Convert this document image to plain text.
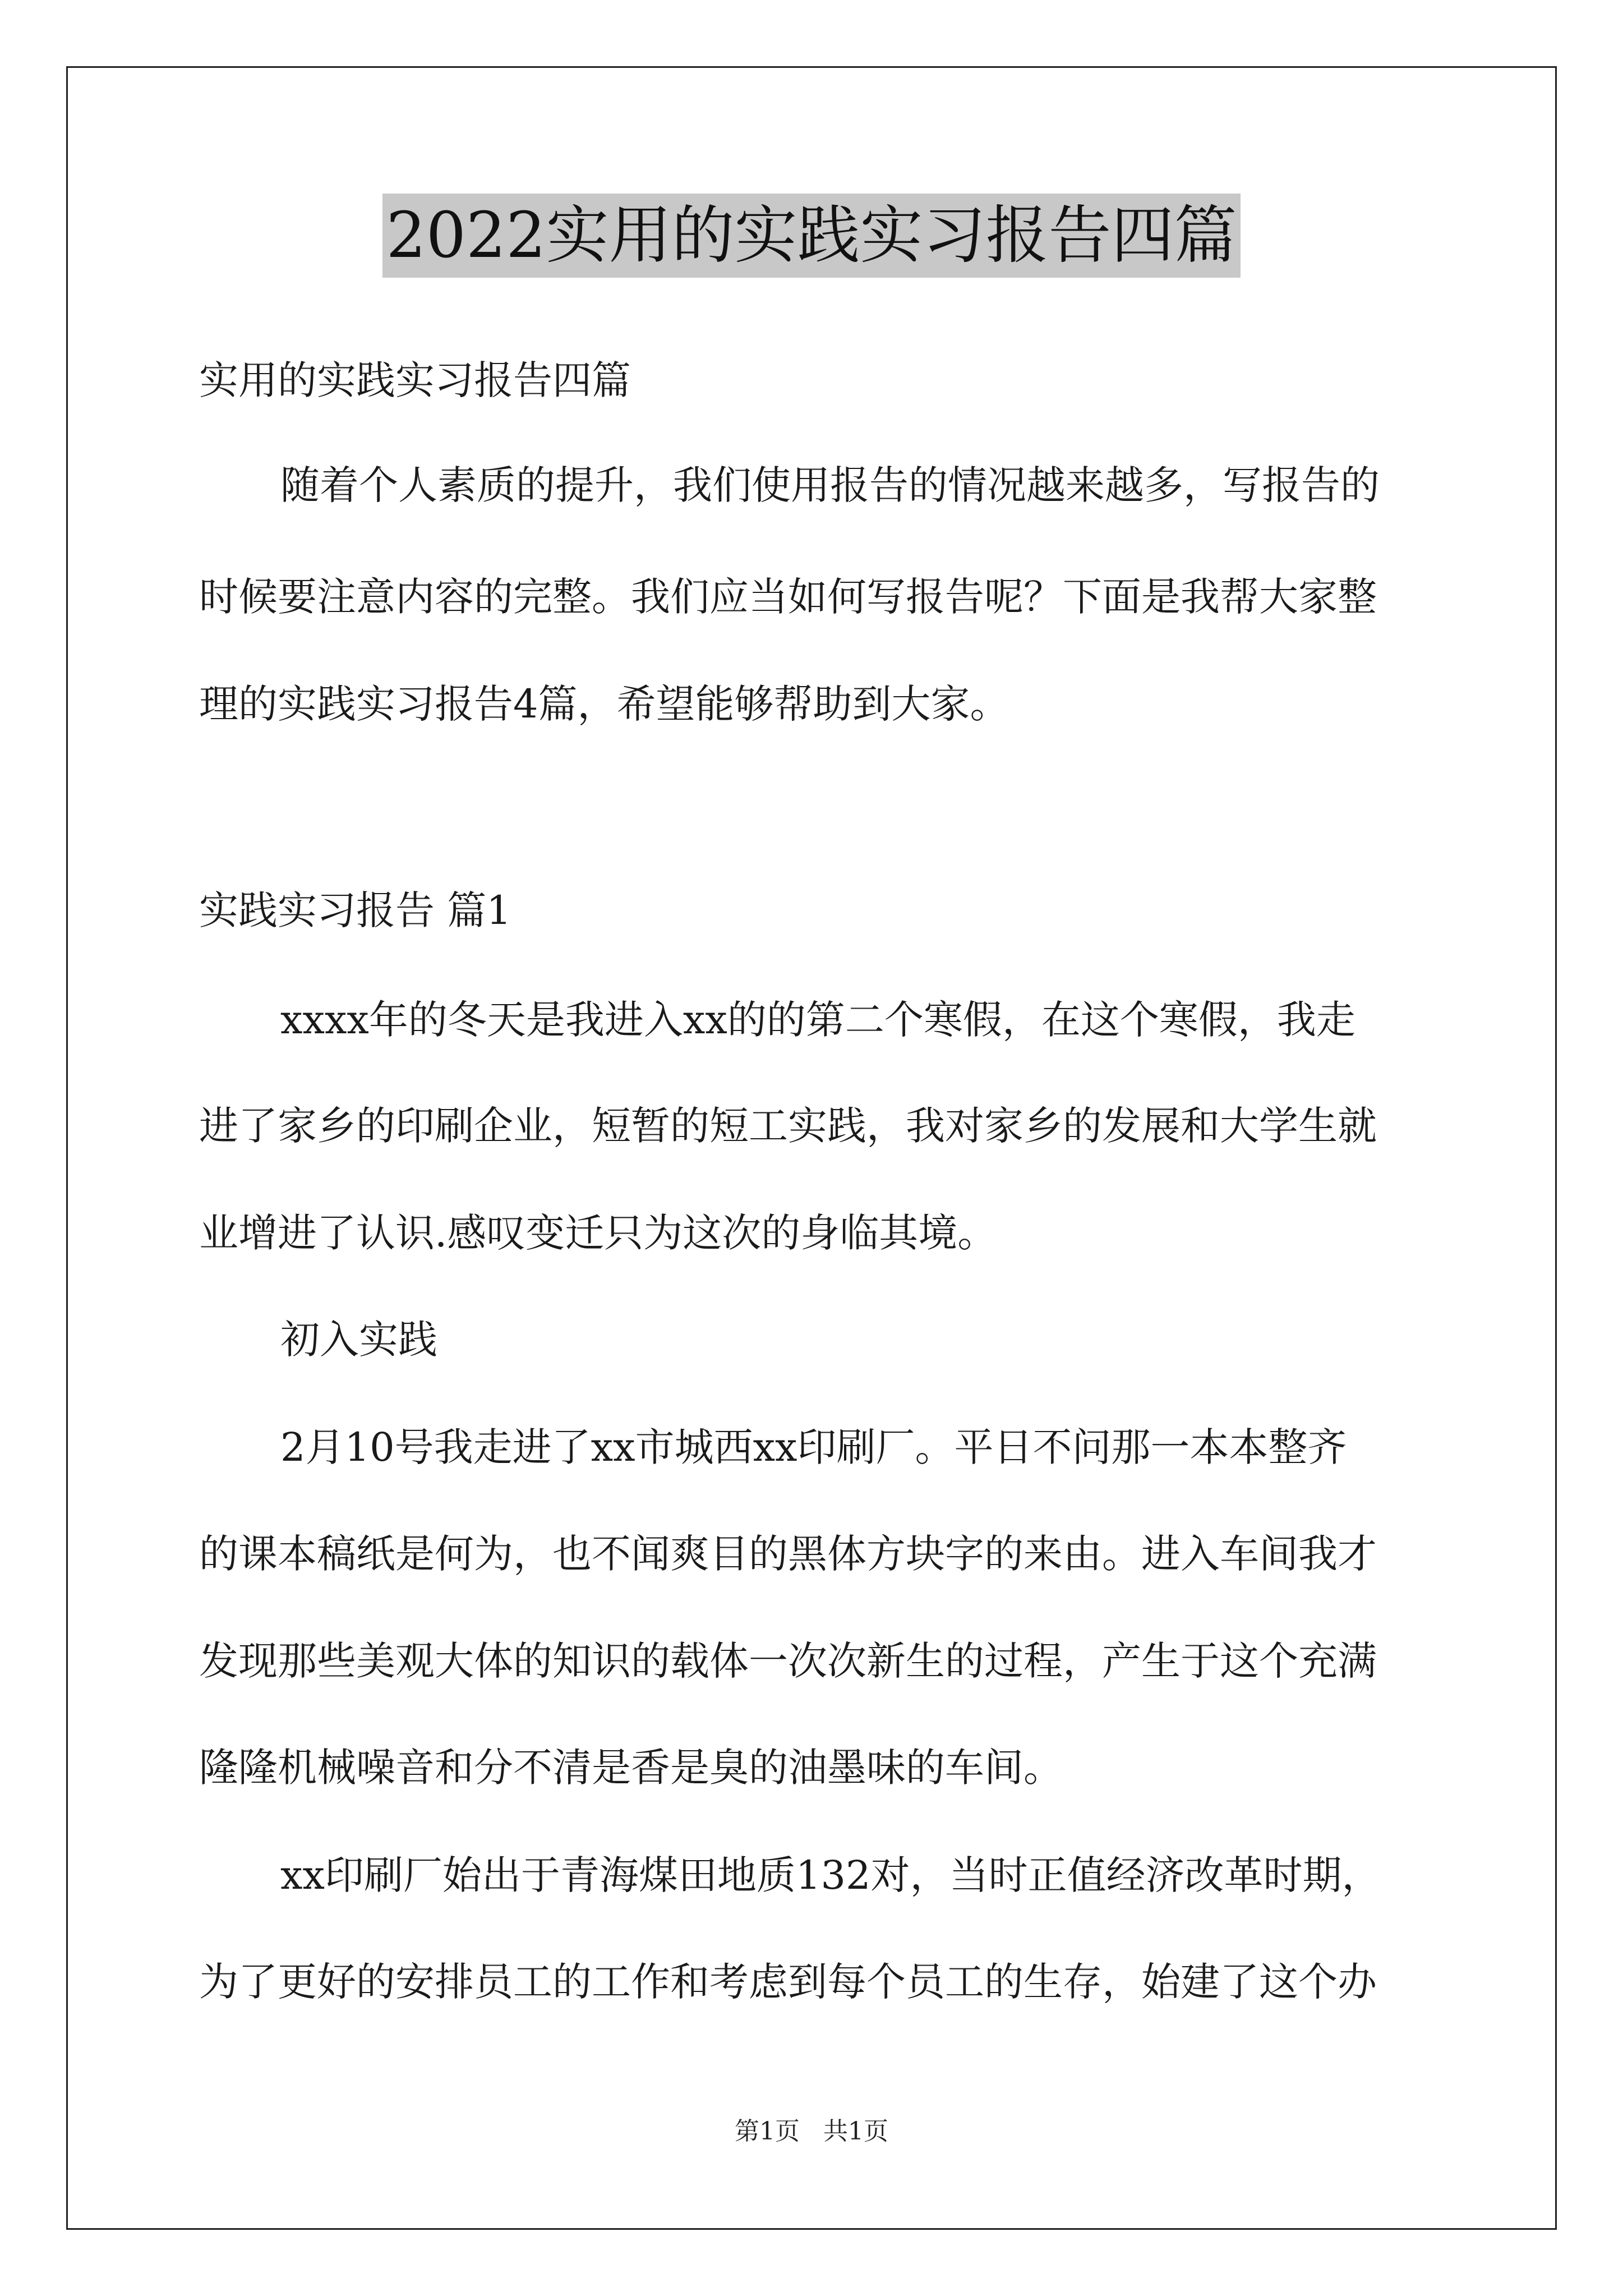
2022实用的实践实习报告四篇
实用的实践实习报告四篇
随着个人素质的提升，我们使用报告的情况越来越多，写报告的
时候要注意内容的完整。我们应当如何写报告呢？下面是我帮大家整
理的实践实习报告4篇，希望能够帮助到大家。
实践实习报告 篇1
xxxx年的冬天是我进入xx的的第二个寒假，在这个寒假，我走
进了家乡的印刷企业，短暂的短工实践，我对家乡的发展和大学生就
业增进了认识.感叹变迁只为这次的身临其境。
初入实践
2月10号我走进了xx市城西xx印刷厂。平日不问那一本本整齐
的课本稿纸是何为，也不闻爽目的黑体方块字的来由。进入车间我才
发现那些美观大体的知识的载体一次次新生的过程，产生于这个充满
隆隆机械噪音和分不清是香是臭的油墨味的车间。
xx印刷厂始出于青海煤田地质132对，当时正值经济改革时期，
为了更好的安排员工的工作和考虑到每个员工的生存，始建了这个办
第1页 共1页
